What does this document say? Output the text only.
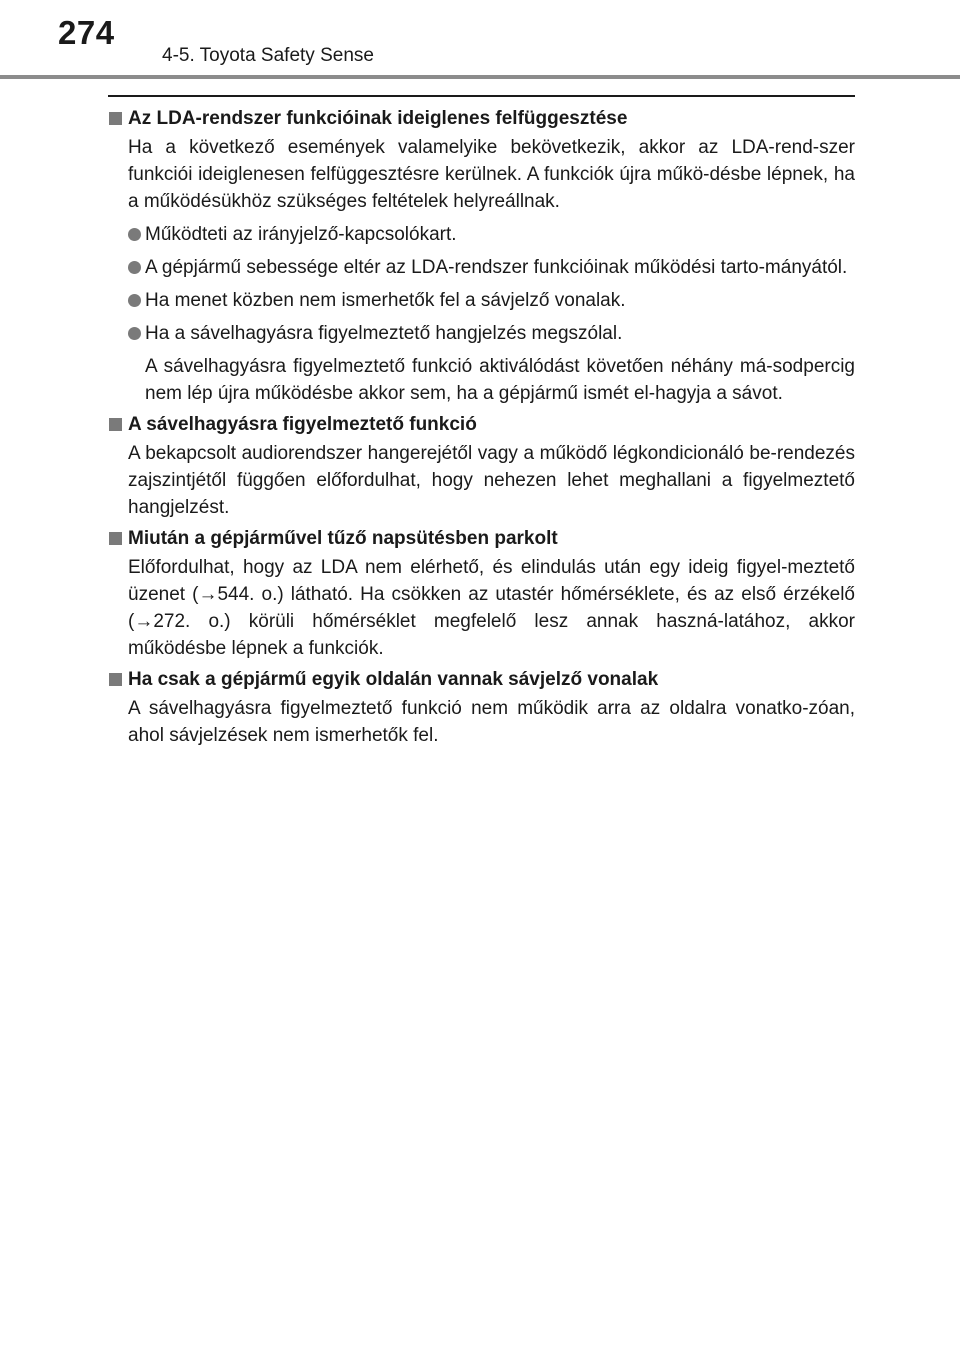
274
4-5. Toyota Safety Sense
Az LDA-rendszer funkcióinak ideiglenes felfüggesztése
Ha a következő események valamelyike bekövetkezik, akkor az LDA-rend-szer funkciói ideiglenesen felfüggesztésre kerülnek. A funkciók újra műkö-désbe lépnek, ha a működésükhöz szükséges feltételek helyreállnak.
Működteti az irányjelző-kapcsolókart.
A gépjármű sebessége eltér az LDA-rendszer funkcióinak működési tarto-mányától.
Ha menet közben nem ismerhetők fel a sávjelző vonalak.
Ha a sávelhagyásra figyelmeztető hangjelzés megszólal.
A sávelhagyásra figyelmeztető funkció aktiválódást követően néhány má-sodpercig nem lép újra működésbe akkor sem, ha a gépjármű ismét el-hagyja a sávot.
A sávelhagyásra figyelmeztető funkció
A bekapcsolt audiorendszer hangerejétől vagy a működő légkondicionáló be-rendezés zajszintjétől függően előfordulhat, hogy nehezen lehet meghallani a figyelmeztető hangjelzést.
Miután a gépjárművel tűző napsütésben parkolt
Előfordulhat, hogy az LDA nem elérhető, és elindulás után egy ideig figyel-meztető üzenet (→544. o.) látható. Ha csökken az utastér hőmérséklete, és az első érzékelő (→272. o.) körüli hőmérséklet megfelelő lesz annak haszná-latához, akkor működésbe lépnek a funkciók.
Ha csak a gépjármű egyik oldalán vannak sávjelző vonalak
A sávelhagyásra figyelmeztető funkció nem működik arra az oldalra vonatko-zóan, ahol sávjelzések nem ismerhetők fel.
